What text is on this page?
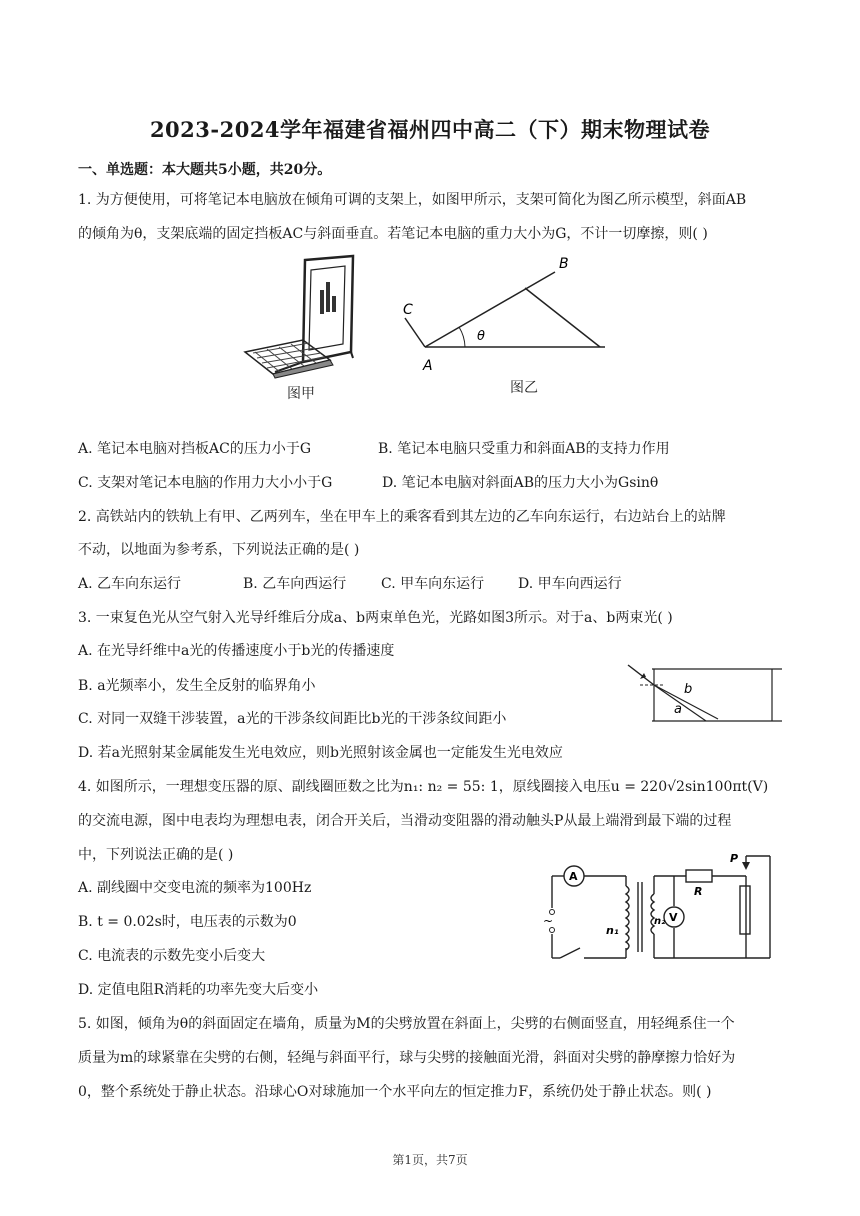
2023-2024学年福建省福州四中高二（下）期末物理试卷
一、单选题：本大题共5小题，共20分。
1. 为方便使用，可将笔记本电脑放在倾角可调的支架上，如图甲所示，支架可简化为图乙所示模型，斜面AB
的倾角为θ，支架底端的固定挡板AC与斜面垂直。若笔记本电脑的重力大小为G，不计一切摩擦，则( )
图甲
C
B
A
θ
图乙
A. 笔记本电脑对挡板AC的压力小于G	B. 笔记本电脑只受重力和斜面AB的支持力作用
C. 支架对笔记本电脑的作用力大小小于G	D. 笔记本电脑对斜面AB的压力大小为Gsinθ
2. 高铁站内的铁轨上有甲、乙两列车，坐在甲车上的乘客看到其左边的乙车向东运行，右边站台上的站牌
不动，以地面为参考系，下列说法正确的是( )
A. 乙车向东运行	B. 乙车向西运行 C. 甲车向东运行 D. 甲车向西运行
3. 一束复色光从空气射入光导纤维后分成a、b两束单色光，光路如图3所示。对于a、b两束光( )
A. 在光导纤维中a光的传播速度小于b光的传播速度
B. a光频率小，发生全反射的临界角小
C. 对同一双缝干涉装置，a光的干涉条纹间距比b光的干涉条纹间距小
D. 若a光照射某金属能发生光电效应，则b光照射该金属也一定能发生光电效应
b
a
4. 如图所示，一理想变压器的原、副线圈匝数之比为n₁: n₂ = 55: 1，原线圈接入电压u = 220√2sin100πt(V)
的交流电源，图中电表均为理想电表，闭合开关后，当滑动变阻器的滑动触头P从最上端滑到最下端的过程
中，下列说法正确的是( )
A. 副线圈中交变电流的频率为100Hz
B. t = 0.02s时，电压表的示数为0
C. 电流表的示数先变小后变大
D. 定值电阻R消耗的功率先变大后变小
A
V
R
P
n₁
n₂
~
5. 如图，倾角为θ的斜面固定在墙角，质量为M的尖劈放置在斜面上，尖劈的右侧面竖直，用轻绳系住一个
质量为m的球紧靠在尖劈的右侧，轻绳与斜面平行，球与尖劈的接触面光滑，斜面对尖劈的静摩擦力恰好为
0，整个系统处于静止状态。沿球心O对球施加一个水平向左的恒定推力F，系统仍处于静止状态。则( )
第1页，共7页
